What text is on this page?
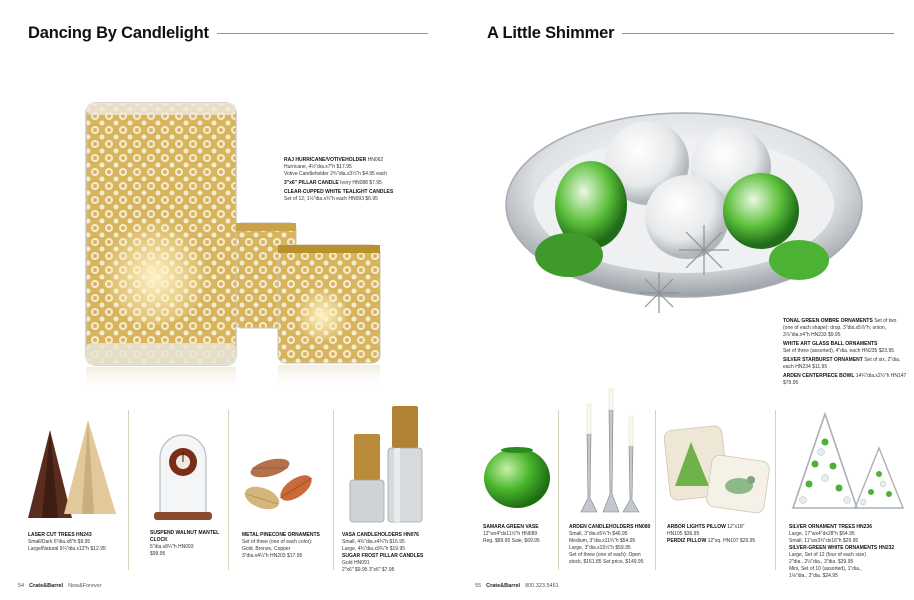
Dancing By Candlelight

RAJ HURRICANE/VOTIVEHOLDER HN062
Hurricane, 4½"dia.x7"h $17.95
Votive Candleholder 2¾"dia.x3¼"h $4.95 each

3"x6" PILLAR CANDLE Ivory HN088 $7.95

CLEAR-CUPPED WHITE TEALIGHT CANDLES
Set of 12; 1½"dia.x¾"h each HN093 $6.95

LASER CUT TREES HN243
Small/Dark 6"dia.x8"h $9.95
Large/Natural 9¼"dia.x12"h $12.95
SUSPEND WALNUT MANTEL CLOCK
5"dia.x8¼"h HN093
$99.95
METAL PINECONE ORNAMENTS
Set of three (one of each color):
Gold, Bronze, Copper
3"dia.x4¼"h HN203 $17.95
VASA CANDLEHOLDERS HN076
Small, 4¾"dia.x4¾"h $16.95
Large, 4¾"dia.x9¾"h $19.95
SUGAR FROST PILLAR CANDLES
Gold HN091
2"x6" $9.95 3"x6" $7.95
54 Crate&Barrel Now&Forever
A Little Shimmer

TONAL GREEN OMBRE ORNAMENTS Set of two (one of each shape): drop, 3"dia.x5⅞"h; onion, 3⅞"dia.x4"h HN233 $9.95

WHITE ART GLASS BALL ORNAMENTS
Set of three (assorted), 4"dia. each HN235 $23.95

SILVER STARBURST ORNAMENT Set of six, 2"dia. each HN234 $11.95

ARDEN CENTERPIECE BOWL 14¾"dia.x2½"h HN147 $79.95

SAMARA GREEN VASE
12"wx4"dx11½"h HN089
Reg. $89.95 Sale, $69.95
ARDEN CANDLEHOLDERS HN080
Small, 3"dia.x5¾"h $46.95
Medium, 3"dia.x11¾"h $54.95
Large, 3"dia.x15½"h $59.95
Set of three (one of each): Open
stock, $161.85 Set price, $149.95
ARBOR LIGHTS PILLOW 12"x18"
HN105 $36.95
PERDIZ PILLOW 12"sq. HN107 $29.95
SILVER ORNAMENT TREES HN236
Large, 17"wx4"dx28"h $54.95
Small, 11"wx3¾"dx16"h $29.95
SILVER-GREEN WHITE ORNAMENTS HN232
Large, Set of 12 (four of each size)
2"dia., 2½"dia., 3"dia. $39.95
Mini, Set of 10 (assorted), 1"dia.,
1⅛"dia., 2"dia. $24.95
55 Crate&Barrel 800.323.5461
